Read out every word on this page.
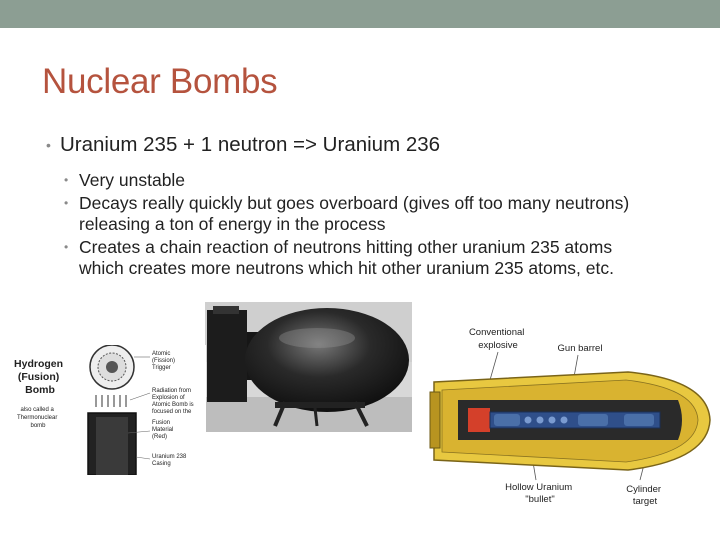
Nuclear Bombs
• Uranium 235 + 1 neutron => Uranium 236
• Very unstable
• Decays really quickly but goes overboard (gives off too many neutrons) releasing a ton of energy in the process
• Creates a chain reaction of neutrons hitting other uranium 235 atoms which creates more neutrons which hit other uranium 235 atoms, etc.
Hydrogen (Fusion) Bomb
also called a Thermonuclear bomb
Atomic (Fission) Trigger Radiation from Explosion of Atomic Bomb is focused on the Fusion Material (Red) Uranium 238 Casing
Conventional explosive	Gun barrel
Hollow Uranium "bullet"
Cylinder target
